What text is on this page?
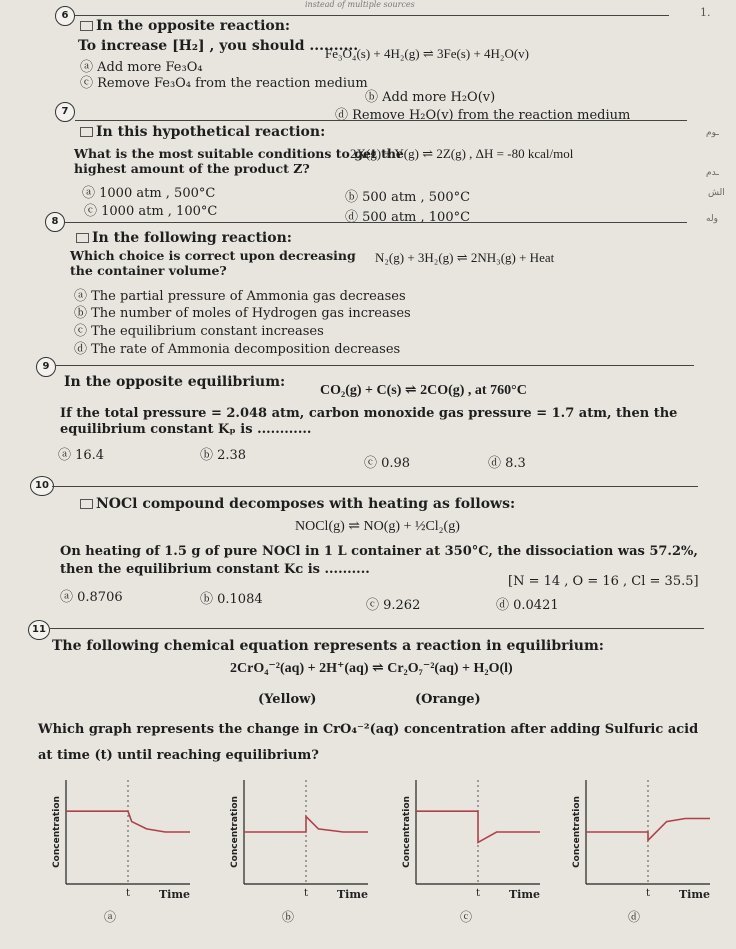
instead of multiple sources
1.
ـوم
ـدم
الش
وله
6
In the opposite reaction:
To increase [H₂] , you should ..........
Fe₃O₄(s) + 4H₂(g) ⇌ 3Fe(s) + 4H₂O(v)
ⓐ Add more Fe₃O₄
ⓒ Remove Fe₃O₄ from the reaction medium
ⓑ Add more H₂O(v)
ⓓ Remove H₂O(v) from the reaction medium
7
In this hypothetical reaction:
2X(g) + Y(g) ⇌ 2Z(g) , ΔH = -80 kcal/mol
What is the most suitable conditions to get the highest amount of the product Z?
ⓐ 1000 atm , 500°C	ⓑ 500 atm , 500°C
ⓒ 1000 atm , 100°C	ⓓ 500 atm , 100°C
8
In the following reaction:
N₂(g) + 3H₂(g) ⇌ 2NH₃(g) + Heat
Which choice is correct upon decreasing the container volume?
ⓐ The partial pressure of Ammonia gas decreases
ⓑ The number of moles of Hydrogen gas increases
ⓒ The equilibrium constant increases
ⓓ The rate of Ammonia decomposition decreases
9
In the opposite equilibrium:
CO₂(g) + C(s) ⇌ 2CO(g) , at 760°C
If the total pressure = 2.048 atm, carbon monoxide gas pressure = 1.7 atm, then the
equilibrium constant Kₚ is ............
ⓐ 16.4	ⓑ 2.38
ⓒ 0.98	ⓓ 8.3
10
NOCl compound decomposes with heating as follows:
NOCl(g) ⇌ NO(g) + ½Cl₂(g)
On heating of 1.5 g of pure NOCl in 1 L container at 350°C, the dissociation was 57.2%,
then the equilibrium constant Kᴄ is ..........
[N = 14 , O = 16 , Cl = 35.5]
ⓐ 0.8706	ⓑ 0.1084	ⓒ 9.262	ⓓ 0.0421
11
The following chemical equation represents a reaction in equilibrium:
2CrO₄⁻²(aq) + 2H⁺(aq) ⇌ Cr₂O₇⁻²(aq) + H₂O(l)
(Yellow)	(Orange)
Which graph represents the change in CrO₄⁻²(aq) concentration after adding Sulfuric acid
at time (t) until reaching equilibrium?
Concentration
t	Time
ⓐ
Concentration
t	Time
ⓑ
Concentration
t	Time
ⓒ
Concentration
t	Time
ⓓ
